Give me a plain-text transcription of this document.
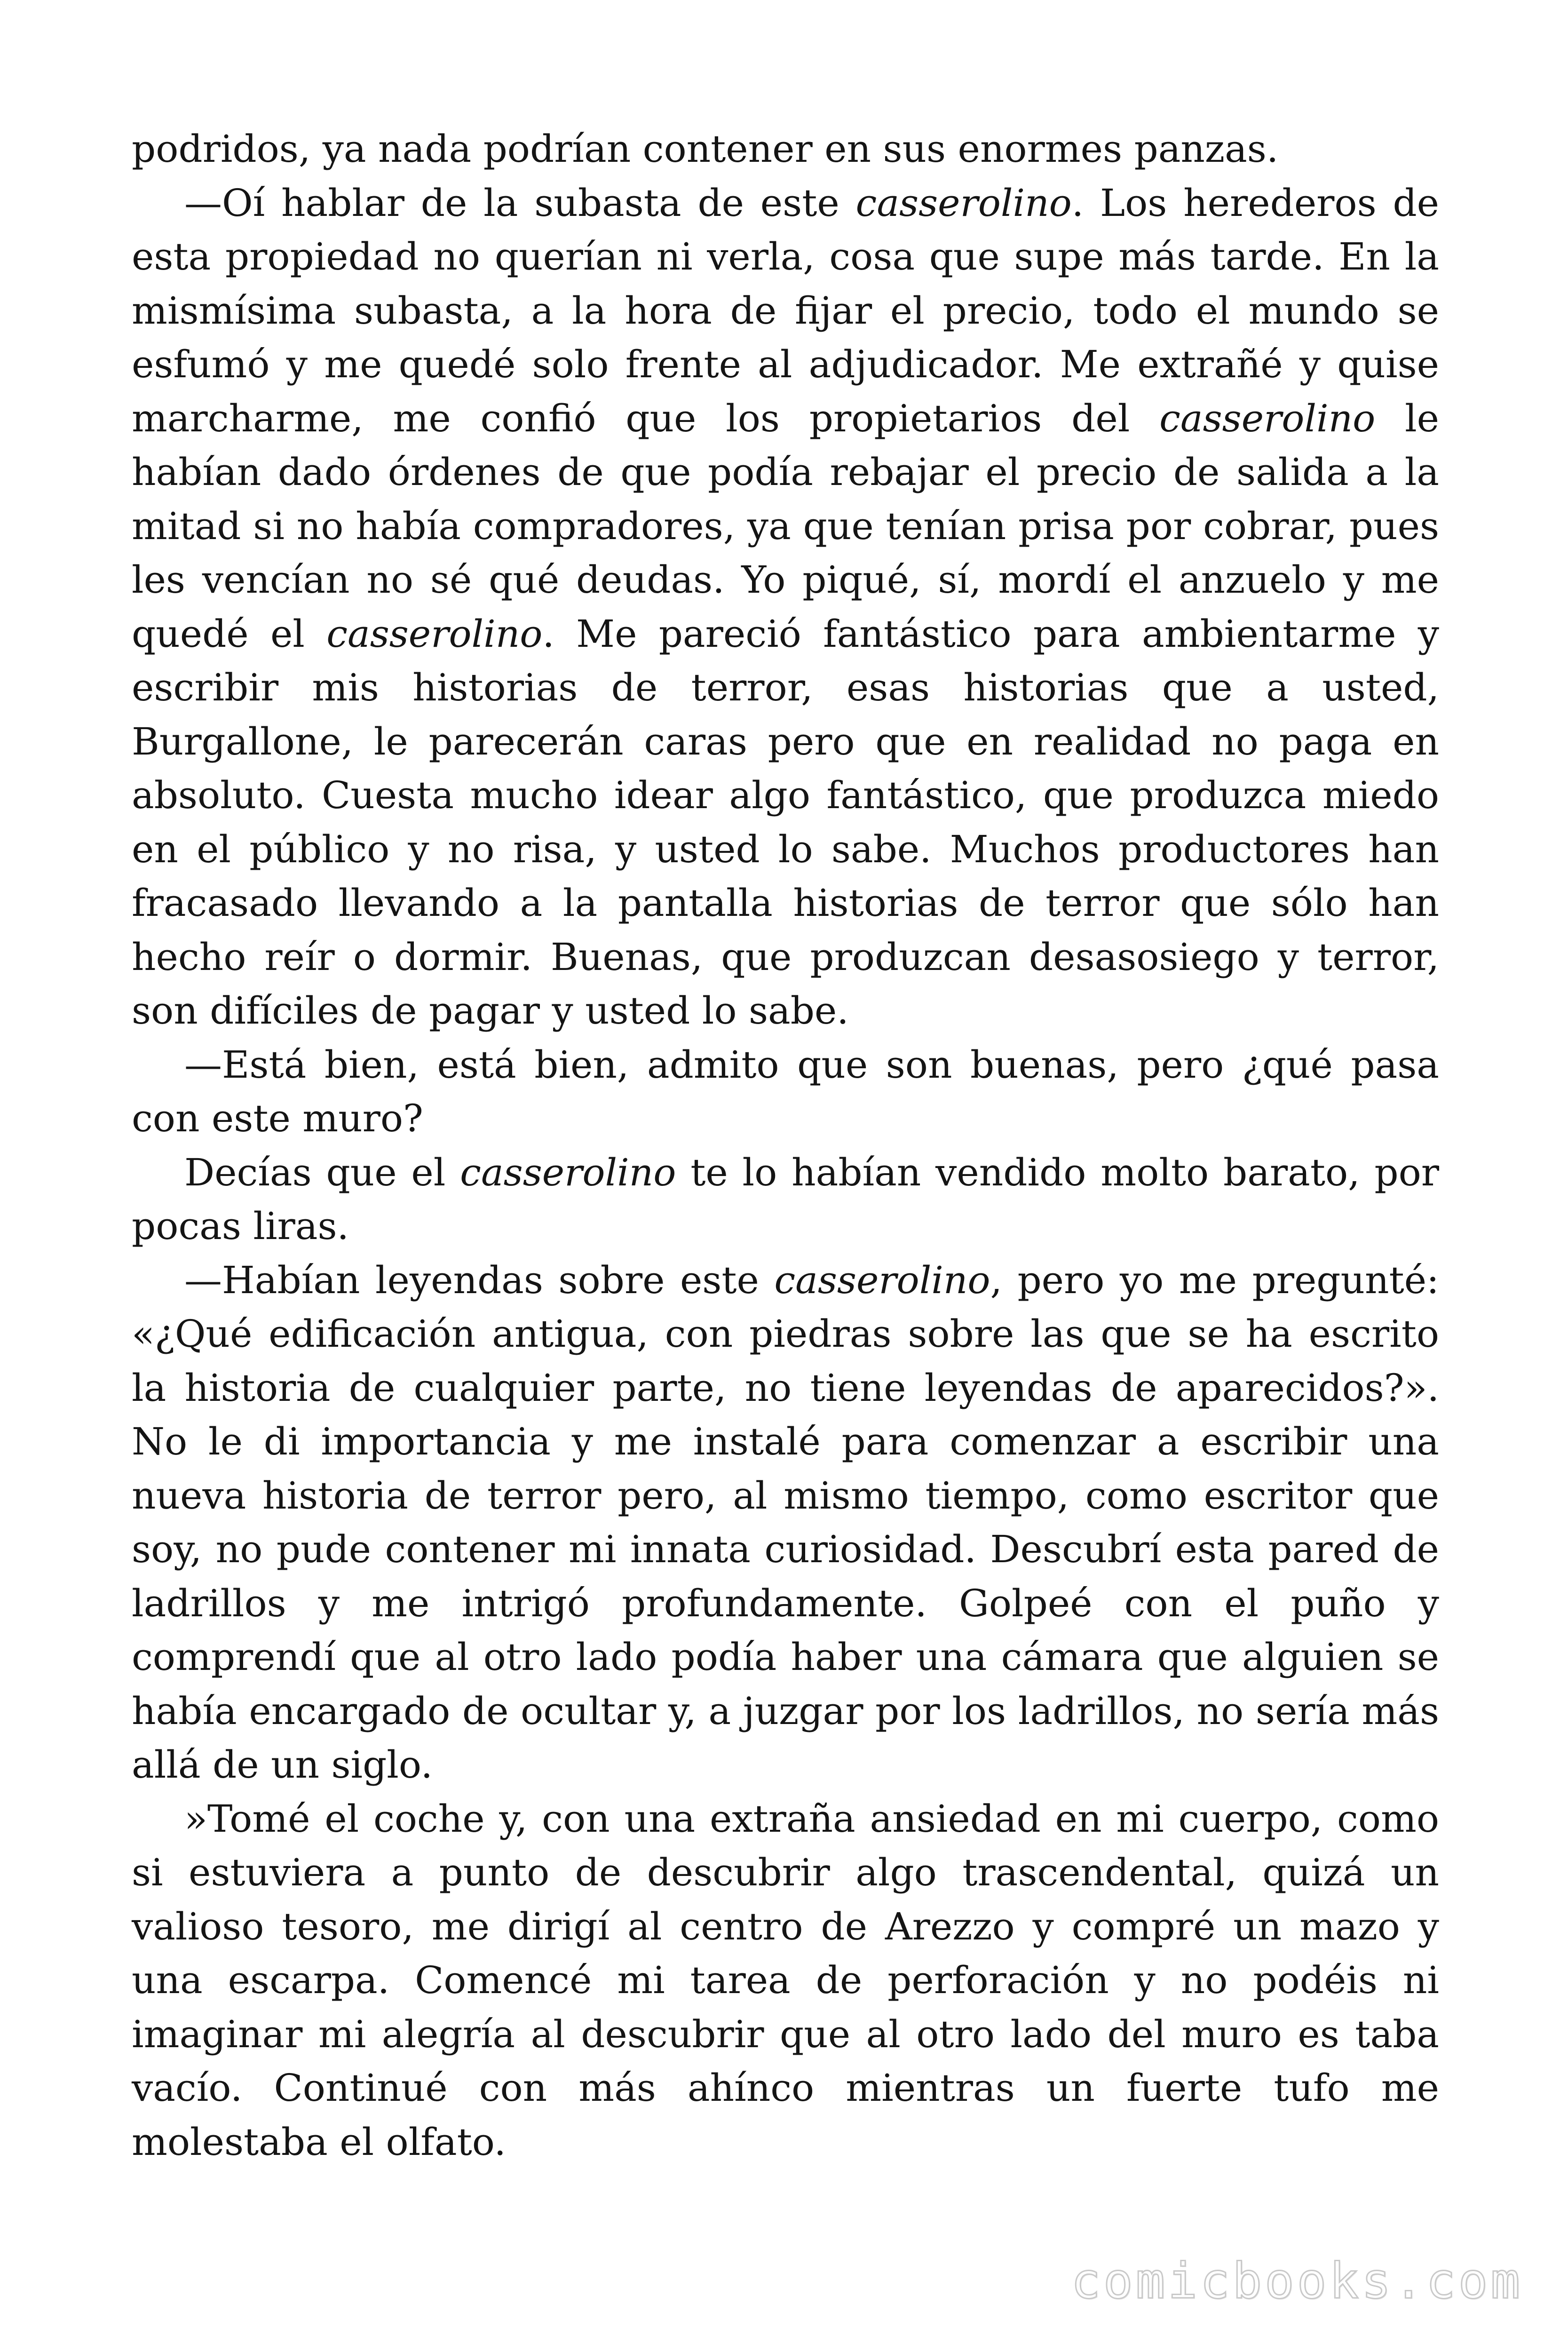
podridos, ya nada podrían contener en sus enormes panzas.

—Oí hablar de la subasta de este casserolino. Los herederos de esta propiedad no querían ni verla, cosa que supe más tarde. En la mismísima subasta, a la hora de fijar el precio, todo el mundo se esfumó y me quedé solo frente al adjudicador. Me extrañé y quise marcharme, me confió que los propietarios del casserolino le habían dado órdenes de que podía rebajar el precio de salida a la mitad si no había compradores, ya que tenían prisa por cobrar, pues les vencían no sé qué deudas. Yo piqué, sí, mordí el anzuelo y me quedé el casserolino. Me pareció fantástico para ambientarme y escribir mis historias de terror, esas historias que a usted, Burgallone, le parecerán caras pero que en realidad no paga en absoluto. Cuesta mucho idear algo fantástico, que produzca miedo en el público y no risa, y usted lo sabe. Muchos productores han fracasado llevando a la pantalla historias de terror que sólo han hecho reír o dormir. Buenas, que produzcan desasosiego y terror, son difíciles de pagar y usted lo sabe.

—Está bien, está bien, admito que son buenas, pero ¿qué pasa con este muro?

Decías que el casserolino te lo habían vendido molto barato, por pocas liras.

—Habían leyendas sobre este casserolino, pero yo me pregunté: «¿Qué edificación antigua, con piedras sobre las que se ha escrito la historia de cualquier parte, no tiene leyendas de aparecidos?». No le di importancia y me instalé para comenzar a escribir una nueva historia de terror pero, al mismo tiempo, como escritor que soy, no pude contener mi innata curiosidad. Descubrí esta pared de ladrillos y me intrigó profundamente. Golpeé con el puño y comprendí que al otro lado podía haber una cámara que alguien se había encargado de ocultar y, a juzgar por los ladrillos, no sería más allá de un siglo.

»Tomé el coche y, con una extraña ansiedad en mi cuerpo, como si estuviera a punto de descubrir algo trascendental, quizá un valioso tesoro, me dirigí al centro de Arezzo y compré un mazo y una escarpa. Comencé mi tarea de perforación y no podéis ni imaginar mi alegría al descubrir que al otro lado del muro es taba vacío. Continué con más ahínco mientras un fuerte tufo me molestaba el olfato.

comicbooks.com
